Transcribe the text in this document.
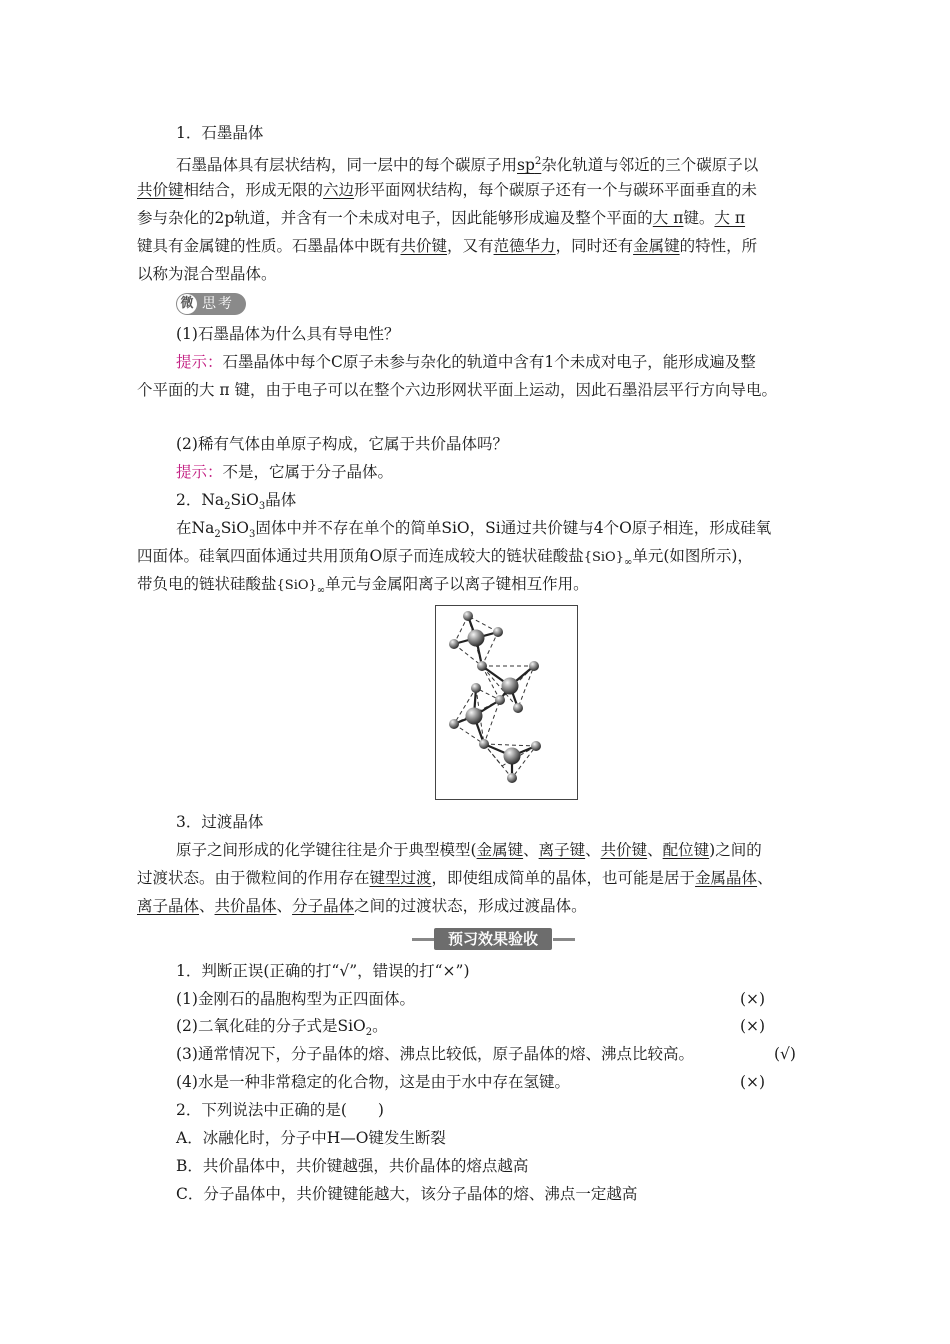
1．石墨晶体
石墨晶体具有层状结构，同一层中的每个碳原子用$sp^2$杂化轨道与邻近的三个碳原子以
共价键相结合，形成无限的六边形平面网状结构，每个碳原子还有一个与碳环平面垂直的未
参与杂化的2p轨道，并含有一个未成对电子，因此能够形成遍及整个平面的大 π键。大 π
键具有金属键的性质。石墨晶体中既有共价键，又有范德华力，同时还有金属键的特性，所
以称为混合型晶体。
微 思考
(1)石墨晶体为什么具有导电性？
提示：石墨晶体中每个C原子未参与杂化的轨道中含有1个未成对电子，能形成遍及整
个平面的大 π 键，由于电子可以在整个六边形网状平面上运动，因此石墨沿层平行方向导电。
(2)稀有气体由单原子构成，它属于共价晶体吗？
提示：不是，它属于分子晶体。
2．$Na_2SiO_3$晶体
在$Na_2SiO_3$固体中并不存在单个的简单SiO，Si通过共价键与4个O原子相连，形成硅氧
四面体。硅氧四面体通过共用顶角O原子而连成较大的链状硅酸盐$\{SiO\}_\infty$单元(如图所示)，
带负电的链状硅酸盐$\{SiO\}_\infty$单元与金属阳离子以离子键相互作用。
3．过渡晶体
原子之间形成的化学键往往是介于典型模型(金属键、离子键、共价键、配位键)之间的
过渡状态。由于微粒间的作用存在键型过渡，即使组成简单的晶体，也可能是居于金属晶体、
离子晶体、共价晶体、分子晶体之间的过渡状态，形成过渡晶体。
预习效果验收
1．判断正误(正确的打“√”，错误的打“×”)
(1)金刚石的晶胞构型为正四面体。	(×)
(2)二氧化硅的分子式是SiO$_2$。	(×)
(3)通常情况下，分子晶体的熔、沸点比较低，原子晶体的熔、沸点比较高。	(√)
(4)水是一种非常稳定的化合物，这是由于水中存在氢键。	(×)
2．下列说法中正确的是(　　)
A．冰融化时，分子中H—O键发生断裂
B．共价晶体中，共价键越强，共价晶体的熔点越高
C．分子晶体中，共价键键能越大，该分子晶体的熔、沸点一定越高
